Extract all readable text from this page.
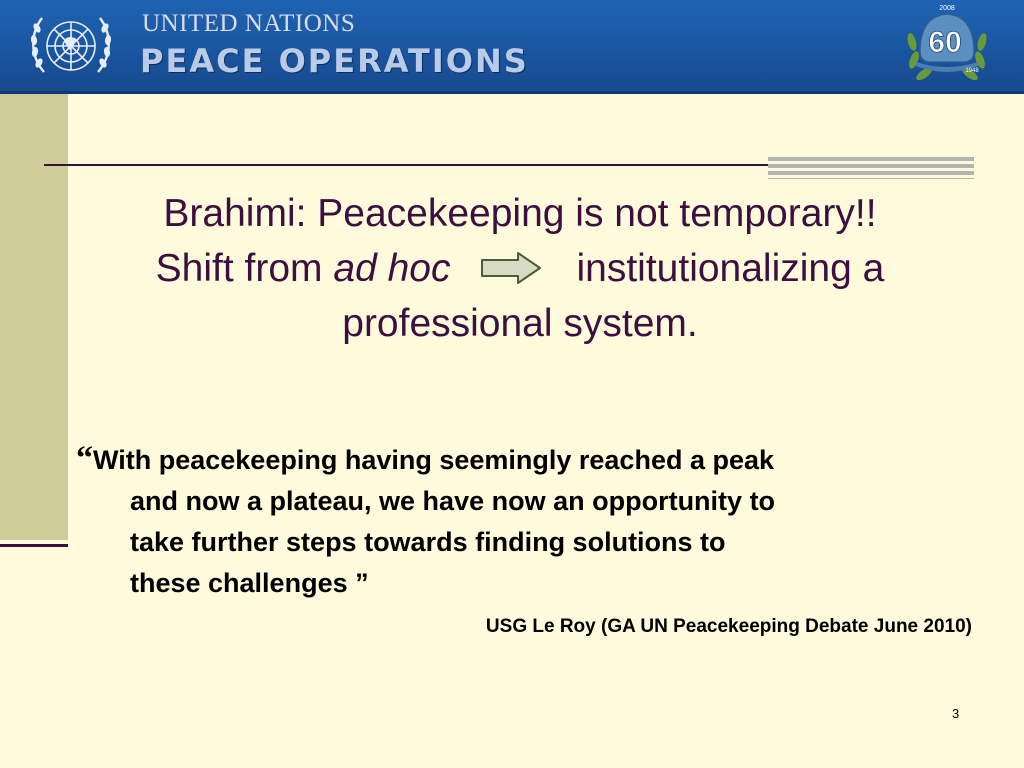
UNITED NATIONS
PEACE OPERATIONS
2008
60
1948
Brahimi: Peacekeeping is not temporary!!
Shift from ad hoc	institutionalizing a
professional system.
“With peacekeeping having seemingly reached a peak
and now a plateau, we have now an opportunity to
take further steps towards finding solutions to
these challenges ”
USG Le Roy (GA UN Peacekeeping Debate June 2010)
3
